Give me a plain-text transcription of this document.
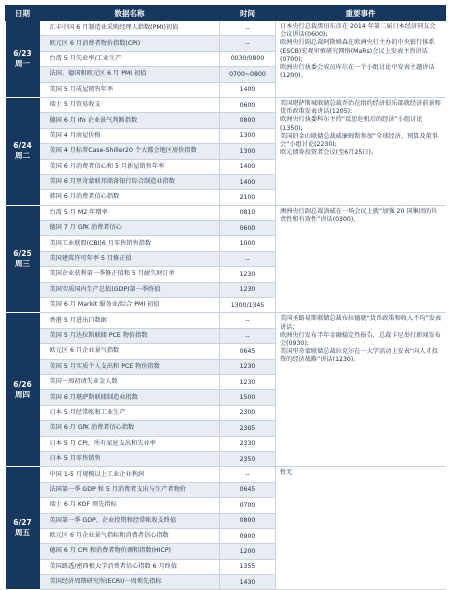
日期	数据名称	时间	重要事件

6/23
周一	汇丰中国 6 月制造业采购经理人指数(PMI)初值	--	日本央行总裁黑田东彦在 2014 年第二届日本经济同友会会议讲话(0600);
欧洲央行副总裁阿斯姆森在欧洲央行主办的中央银行体系(ESCB)宏观审慎研究网络(MaRs)会议上发表主旨讲话(0700);
欧洲央行执委会成员库尔在一个小组讨论中发表主题讲话(1200)。

	欧元区 6 月消费者物价指数(CPI)	--	
	台湾 5 月失业率/工业生产	0030/0800	
	法国、德国和欧元区 6 月 PMI 初值	0700~0800	
	美国 5 月成屋销售年率	1400	

6/24
周二	瑞士 5 月贸易收支	0600	美国堪萨斯城联储总裁乔治在组约经济俱乐部就经济前景和货币政策发表讲话(1205);
欧洲央行执委科尔主持“反思危机后的经济”小组讨论(1350);
美国旧金山联储总裁威廉姆斯参加“全球经济、预算及董事会”小组讨论(2230);
欧元债券投资者会议(至6月25日)。

	德国 6 月 Ifo 企业景气判断指数	0800	
	美国 4 月房屋价格	1300	
	美国 4 月标普Case-Shiller20 个大都会地区房价指数	1300	
	美国 6 月消费者信心和 5 月新屋销售年率	1400	
	美国 6 月里奇蒙联邦储备银行综合制造业指数	1400	
	韩国 6 月消费者信心指数	2100	

6/25
周三	台湾 5 月 M2 年增率	0810	澳洲央行副总裁洛威在一场会议上就“加强 20 国集团的负责性和有效性”讲话(0300)。

	德国 7 月 GfK 消费者信心	0600	
	美国工业联盟(CBI)6 月零售销售指数	1000	
	美国建筑许可年率 5 月修正值	--	
	美国企业获利第一季修正值和 5 月耐久财订单	1230	
	美国实质国内生产总值(GDP)第一季终值	1230	
	美国 6 月 Markit 服务业/综合 PMI 初值	1300/1345	

6/26
周四	香港 5 月进出口数据	--	美国圣路易斯联储总裁布拉德就“货币政策和收入不均”发表讲话;
欧洲央行发布半年金融稳定性报告，总裁卡尼举行新闻发布会(0930);
美国里奇蒙联储总裁拉克尔在一大学活动上发表“向人才投资的经济战略”讲话(1230)。

	美国 5 月达拉斯联储 PCE 物价指数	--	
	欧元区 6 月企业景气指数	0645	
	美国 5 月实质个人支出和 PCE 物价指数	1230	
	美国一周初请失业金人数	1230	
	美国 6 月堪萨斯联储制造业指数	1500	
	日本 5 月经常帐和工业生产	2300	
	美国 6 月 GfK 消费者信心指数	2305	
	日本 5 月 CPI、所有家庭支出和失业率	2330	
	日本 5 月零售销售	2350	

6/27
周五	中国 1-5 月规模以上工业企业利润	--	暂无

	法国第一季 GDP 和 5 月消费者支出与生产者物价	0645	
	瑞士 6 月 KOF 领先指标	0700	
	英国第一季 GDP、企业投资和经常帐收支终值	0800	
	欧元区 6 月企业景气指标和消费者信心指数	0900	
	德国 6 月 CPI 和消费者物价调和指数(HICP)	1200	
	美国路透/密西根大学消费者信心指数 6 月终值	1355	
	美国经济周期研究所(ECRI)一周领先指标	1430	
